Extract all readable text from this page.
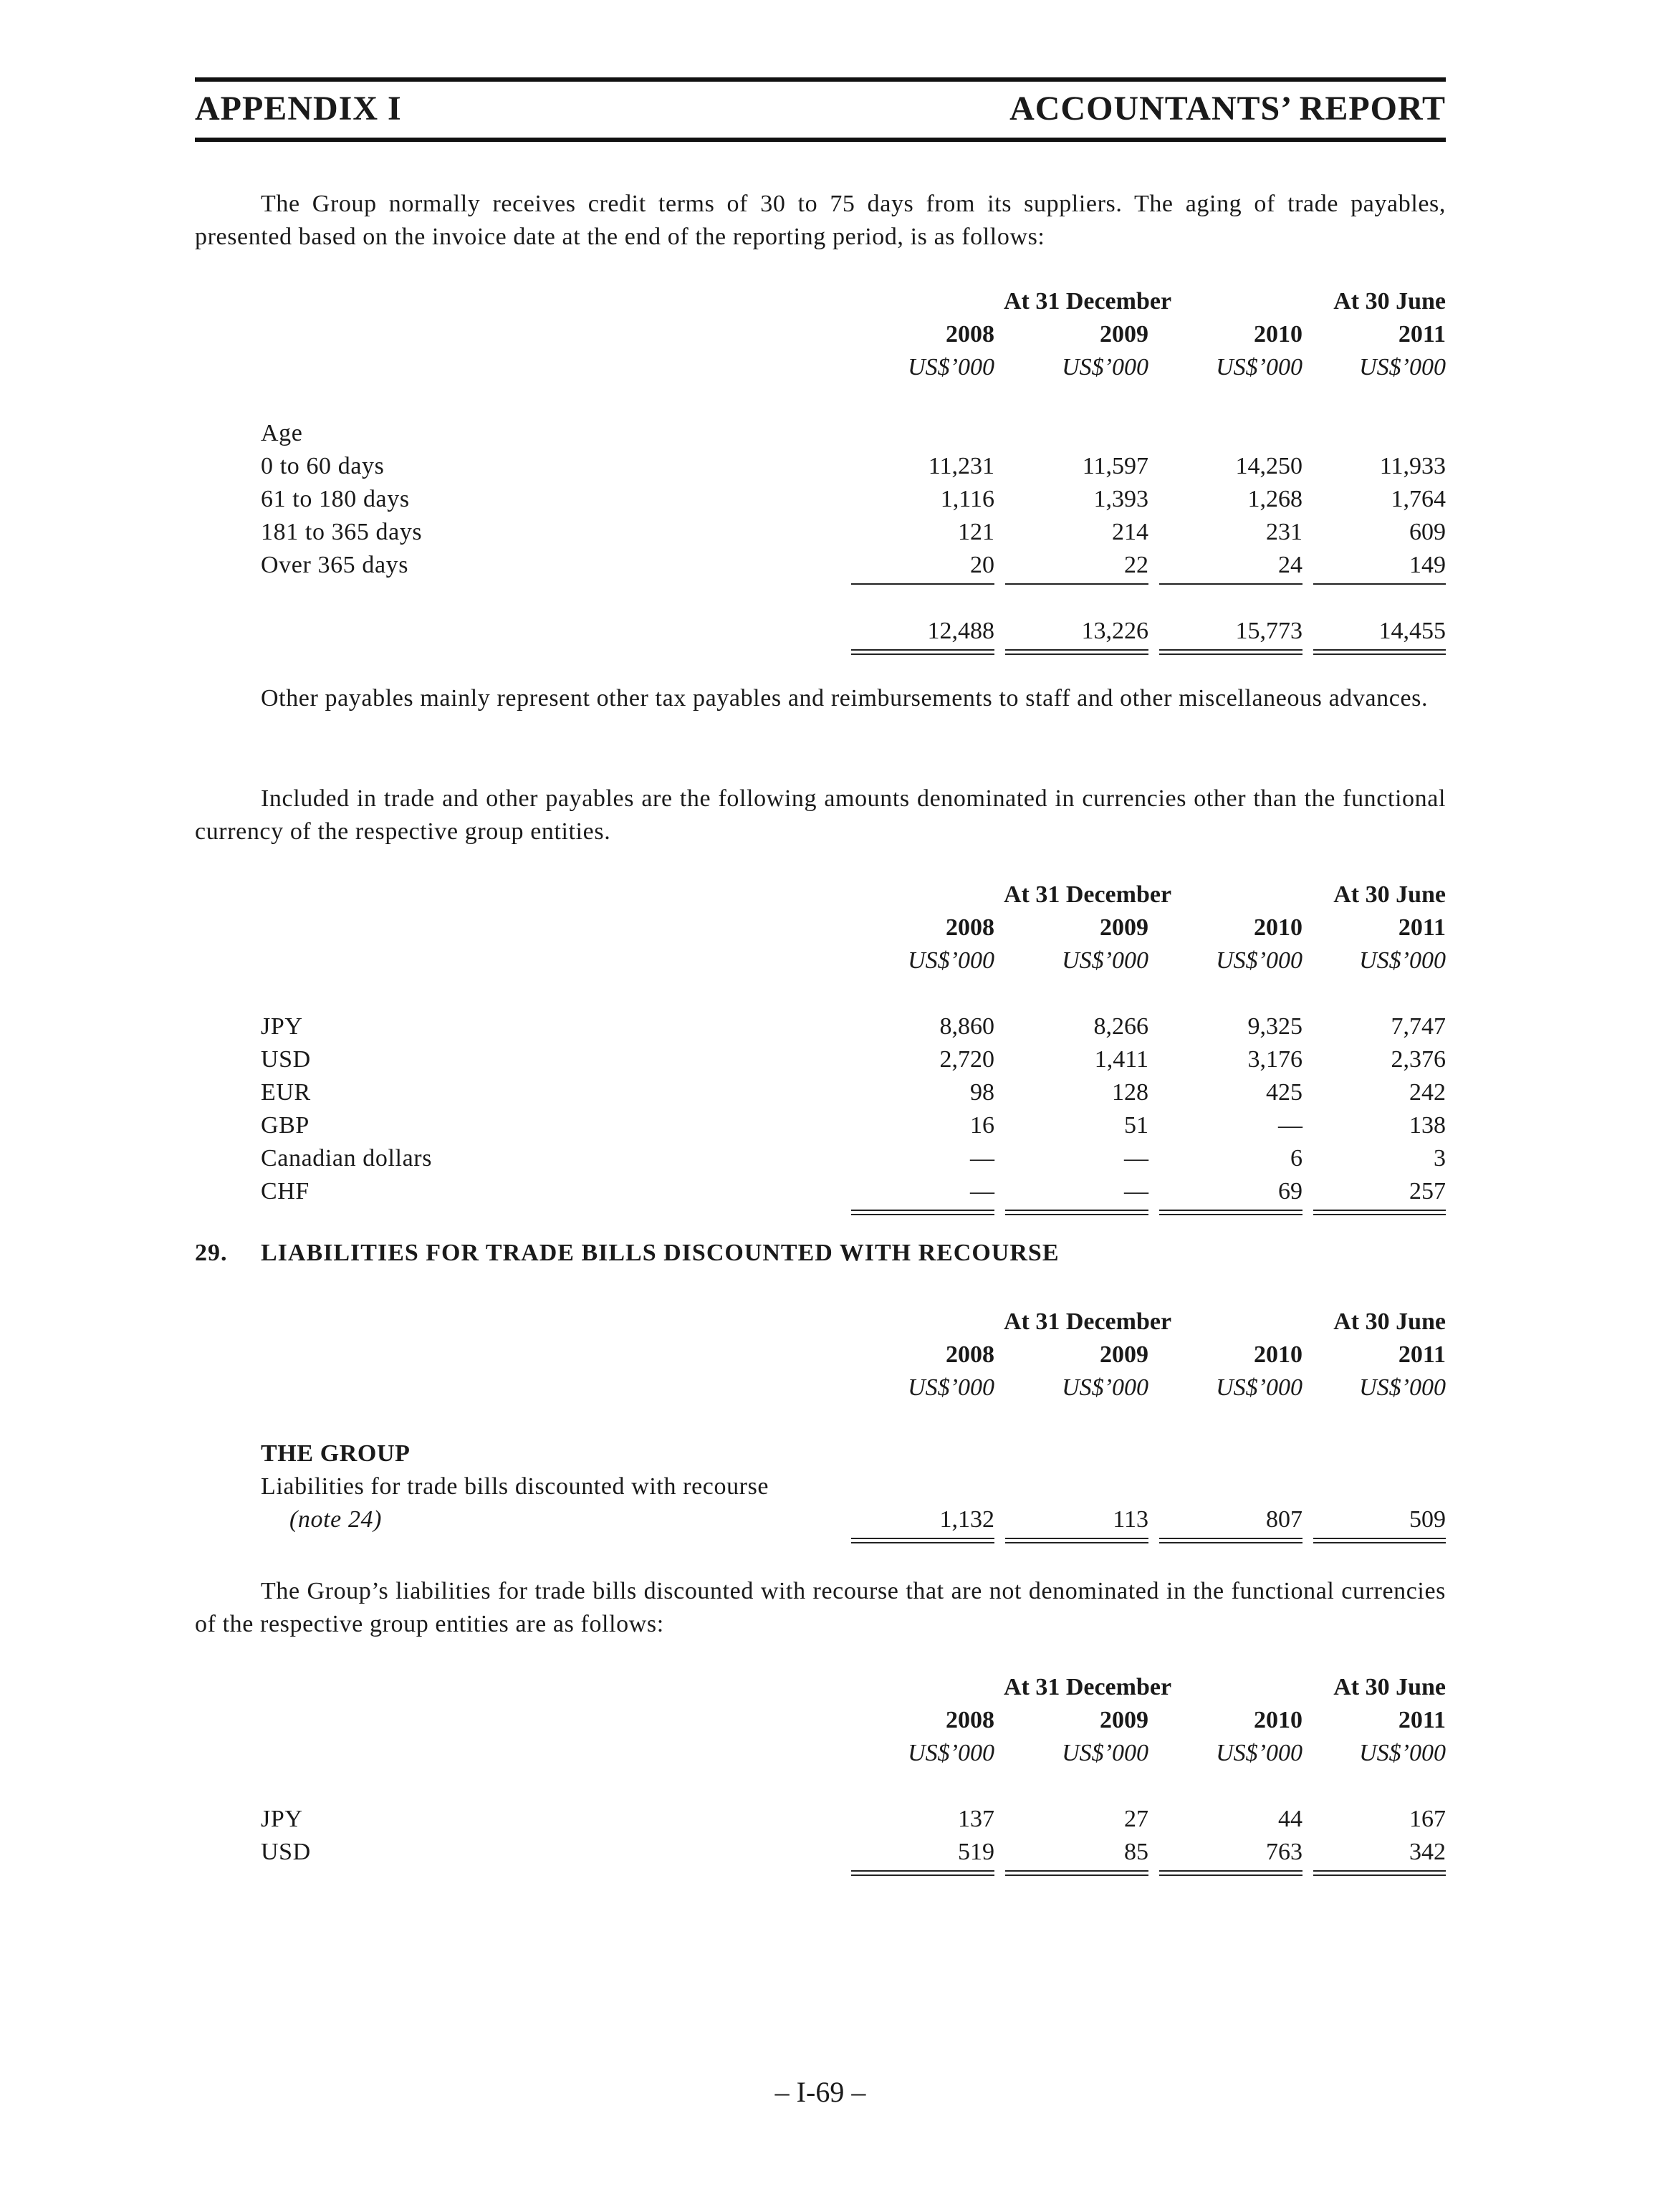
APPENDIX I	ACCOUNTANTS’ REPORT
The Group normally receives credit terms of 30 to 75 days from its suppliers. The aging of trade payables, presented based on the invoice date at the end of the reporting period, is as follows:
At 31 December	At 30 June
2008	2009	2010	2011
US$’000	US$’000	US$’000	US$’000
Age
0 to 60 days	11,231	11,597	14,250	11,933
61 to 180 days	1,116	1,393	1,268	1,764
181 to 365 days	121	214	231	609
Over 365 days	20	22	24	149
12,488	13,226	15,773	14,455
Other payables mainly represent other tax payables and reimbursements to staff and other miscellaneous advances.
Included in trade and other payables are the following amounts denominated in currencies other than the functional currency of the respective group entities.
At 31 December	At 30 June
2008	2009	2010	2011
US$’000	US$’000	US$’000	US$’000
JPY	8,860	8,266	9,325	7,747
USD	2,720	1,411	3,176	2,376
EUR	98	128	425	242
GBP	16	51	—	138
Canadian dollars	—	—	6	3
CHF	—	—	69	257
29. LIABILITIES FOR TRADE BILLS DISCOUNTED WITH RECOURSE
At 31 December	At 30 June
2008	2009	2010	2011
US$’000	US$’000	US$’000	US$’000
THE GROUP
Liabilities for trade bills discounted with recourse
(note 24)	1,132	113	807	509
The Group’s liabilities for trade bills discounted with recourse that are not denominated in the functional currencies of the respective group entities are as follows:
At 31 December	At 30 June
2008	2009	2010	2011
US$’000	US$’000	US$’000	US$’000
JPY	137	27	44	167
USD	519	85	763	342
– I-69 –
